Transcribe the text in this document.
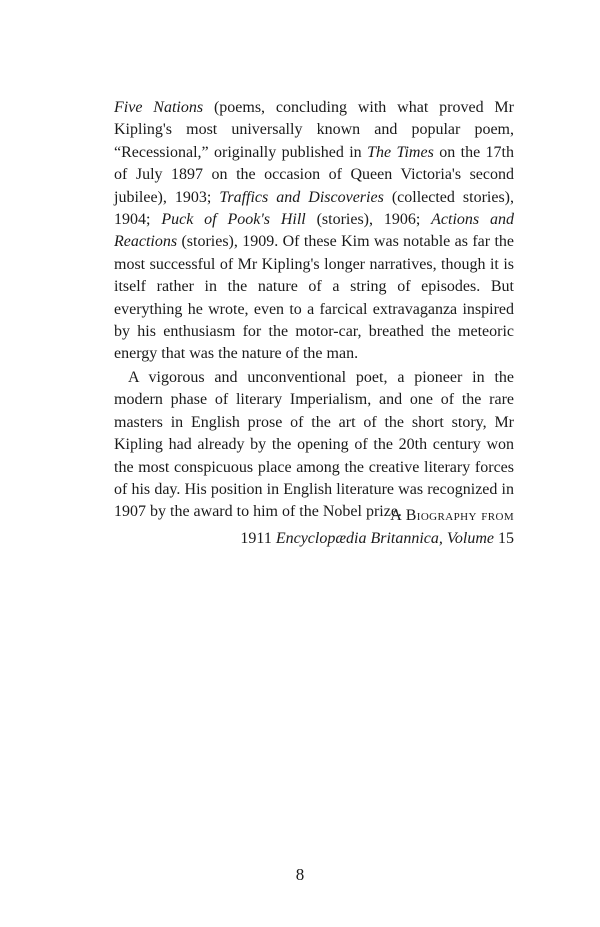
Five Nations (poems, concluding with what proved Mr Kipling's most universally known and popular poem, “Recessional,” originally published in The Times on the 17th of July 1897 on the occasion of Queen Victoria's second jubilee), 1903; Traffics and Discoveries (collected stories), 1904; Puck of Pook's Hill (stories), 1906; Actions and Reactions (stories), 1909. Of these Kim was notable as far the most successful of Mr Kipling's longer narratives, though it is itself rather in the nature of a string of episodes. But everything he wrote, even to a farcical extravaganza inspired by his enthusiasm for the motor-car, breathed the meteoric energy that was the nature of the man.

A vigorous and unconventional poet, a pioneer in the modern phase of literary Imperialism, and one of the rare masters in English prose of the art of the short story, Mr Kipling had already by the opening of the 20th century won the most conspicuous place among the creative literary forces of his day. His position in English literature was recognized in 1907 by the award to him of the Nobel prize.

A Biography from
1911 Encyclopædia Britannica, Volume 15
8
